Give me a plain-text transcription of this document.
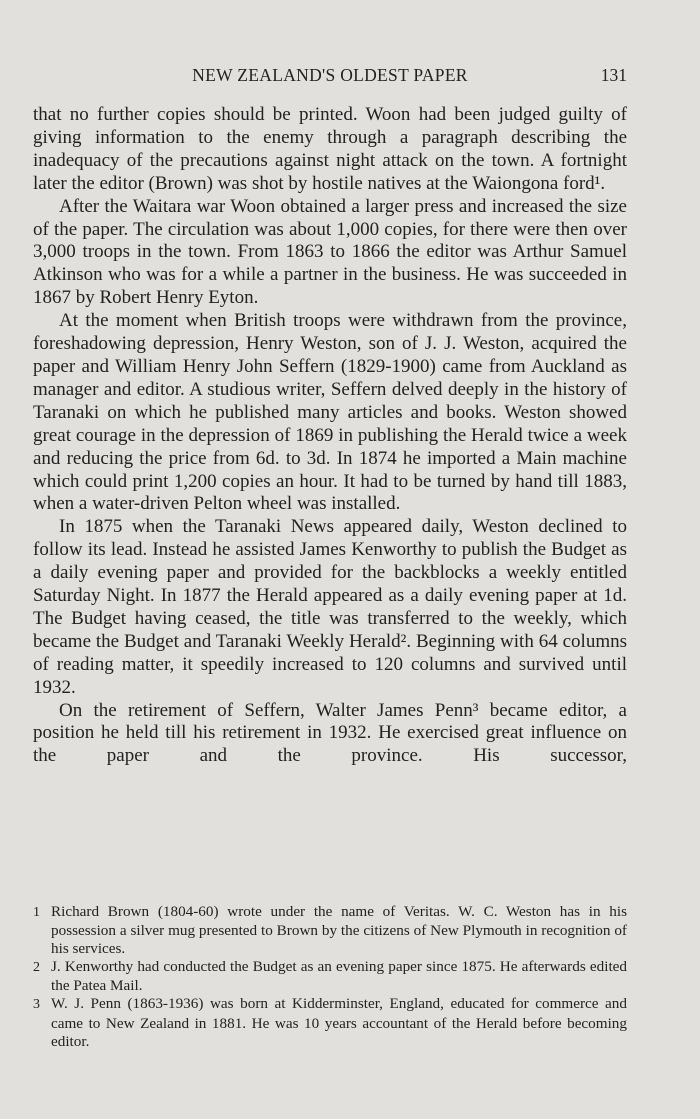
NEW ZEALAND'S OLDEST PAPER	131

that no further copies should be printed. Woon had been judged guilty of giving information to the enemy through a paragraph describing the inadequacy of the precautions against night attack on the town. A fortnight later the editor (Brown) was shot by hostile natives at the Waiongona ford¹.

After the Waitara war Woon obtained a larger press and increased the size of the paper. The circulation was about 1,000 copies, for there were then over 3,000 troops in the town. From 1863 to 1866 the editor was Arthur Samuel Atkinson who was for a while a partner in the business. He was succeeded in 1867 by Robert Henry Eyton.

At the moment when British troops were withdrawn from the province, foreshadowing depression, Henry Weston, son of J. J. Weston, acquired the paper and William Henry John Seffern (1829-1900) came from Auckland as manager and editor. A studious writer, Seffern delved deeply in the history of Taranaki on which he published many articles and books. Weston showed great courage in the depression of 1869 in publishing the Herald twice a week and reducing the price from 6d. to 3d. In 1874 he imported a Main machine which could print 1,200 copies an hour. It had to be turned by hand till 1883, when a water-driven Pelton wheel was installed.

In 1875 when the Taranaki News appeared daily, Weston declined to follow its lead. Instead he assisted James Kenworthy to publish the Budget as a daily evening paper and provided for the backblocks a weekly entitled Saturday Night. In 1877 the Herald appeared as a daily evening paper at 1d. The Budget having ceased, the title was transferred to the weekly, which became the Budget and Taranaki Weekly Herald². Beginning with 64 columns of reading matter, it speedily increased to 120 columns and survived until 1932.

On the retirement of Seffern, Walter James Penn³ became editor, a position he held till his retirement in 1932. He exercised great influence on the paper and the province. His successor,

1 Richard Brown (1804-60) wrote under the name of Veritas. W. C. Weston has in his possession a silver mug presented to Brown by the citizens of New Plymouth in recognition of his services.

2 J. Kenworthy had conducted the Budget as an evening paper since 1875. He afterwards edited the Patea Mail.

3 W. J. Penn (1863-1936) was born at Kidderminster, England, educated for commerce and came to New Zealand in 1881. He was 10 years accountant of the Herald before becoming editor.
